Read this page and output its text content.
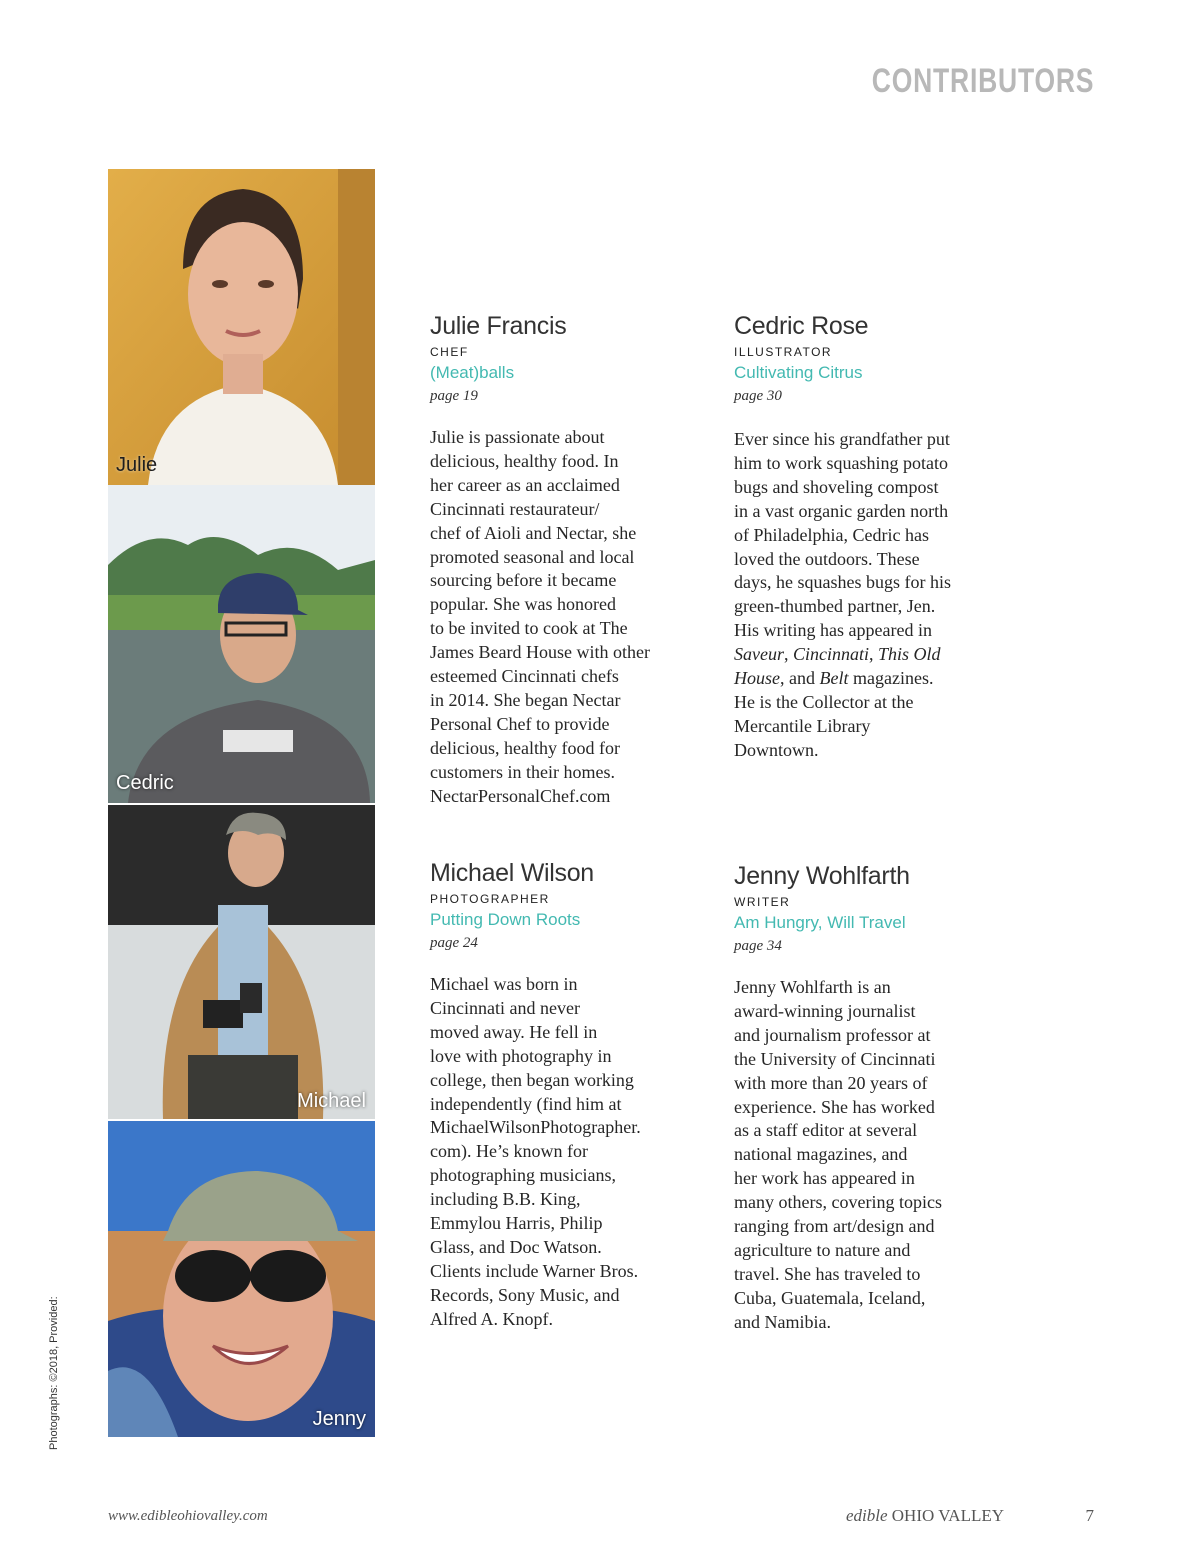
CONTRIBUTORS
Julie
Cedric
Michael
Jenny
Julie Francis
CHEF
(Meat)balls
page 19
Julie is passionate about
delicious, healthy food. In
her career as an acclaimed
Cincinnati restaurateur/
chef of Aioli and Nectar, she
promoted seasonal and local
sourcing before it became
popular. She was honored
to be invited to cook at The
James Beard House with other
esteemed Cincinnati chefs
in 2014. She began Nectar
Personal Chef to provide
delicious, healthy food for
customers in their homes.
NectarPersonalChef.com
Cedric Rose
ILLUSTRATOR
Cultivating Citrus
page 30
Ever since his grandfather put
him to work squashing potato
bugs and shoveling compost
in a vast organic garden north
of Philadelphia, Cedric has
loved the outdoors. These
days, he squashes bugs for his
green-thumbed partner, Jen.
His writing has appeared in
Saveur, Cincinnati, This Old
House, and Belt magazines.
He is the Collector at the
Mercantile Library
Downtown.
Michael Wilson
PHOTOGRAPHER
Putting Down Roots
page 24
Michael was born in
Cincinnati and never
moved away. He fell in
love with photography in
college, then began working
independently (find him at
MichaelWilsonPhotographer.
com). He’s known for
photographing musicians,
including B.B. King,
Emmylou Harris, Philip
Glass, and Doc Watson.
Clients include Warner Bros.
Records, Sony Music, and
Alfred A. Knopf.
Jenny Wohlfarth
WRITER
Am Hungry, Will Travel
page 34
Jenny Wohlfarth is an
award-winning journalist
and journalism professor at
the University of Cincinnati
with more than 20 years of
experience. She has worked
as a staff editor at several
national magazines, and
her work has appeared in
many others, covering topics
ranging from art/design and
agriculture to nature and
travel. She has traveled to
Cuba, Guatemala, Iceland,
and Namibia.
Photographs: ©2018, Provided:
www.edibleohiovalley.com	edible OHIO VALLEY	7
